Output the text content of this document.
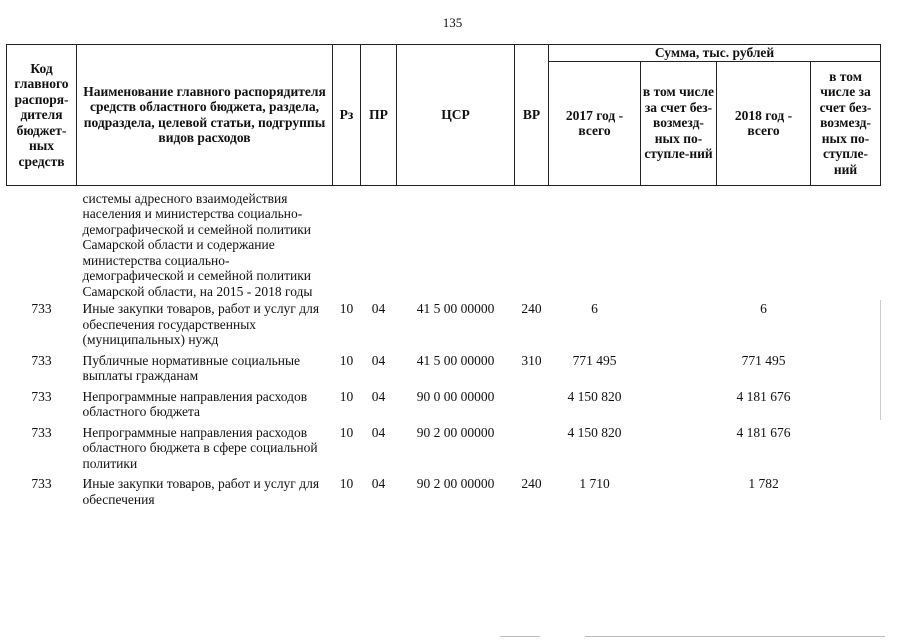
135
Код главного распоря-дителя бюджет-ных средств	Наименование главного распорядителя средств областного бюджета, раздела, подраздела, целевой статьи, подгруппы видов расходов	Рз	ПР	ЦСР	ВР	Сумма, тыс. рублей			
						2017 год - всего	в том числе за счет без-возмезд-ных по-ступле-ний	2018 год - всего	в том числе за счет без-возмезд-ных по-ступле-ний
	системы адресного взаимодействия населения и министерства социально-демографической и семейной политики Самарской области и содержание министерства социально-демографической и семейной политики Самарской области, на 2015 - 2018 годы								
733	Иные закупки товаров, работ и услуг для обеспечения государственных (муниципальных) нужд	10	04	41 5 00 00000	240	6		6	
733	Публичные нормативные социальные выплаты гражданам	10	04	41 5 00 00000	310	771 495		771 495	
733	Непрограммные направления расходов областного бюджета	10	04	90 0 00 00000		4 150 820		4 181 676	
733	Непрограммные направления расходов областного бюджета в сфере социальной политики	10	04	90 2 00 00000		4 150 820		4 181 676	
733	Иные закупки товаров, работ и услуг для обеспечения	10	04	90 2 00 00000	240	1 710		1 782	
